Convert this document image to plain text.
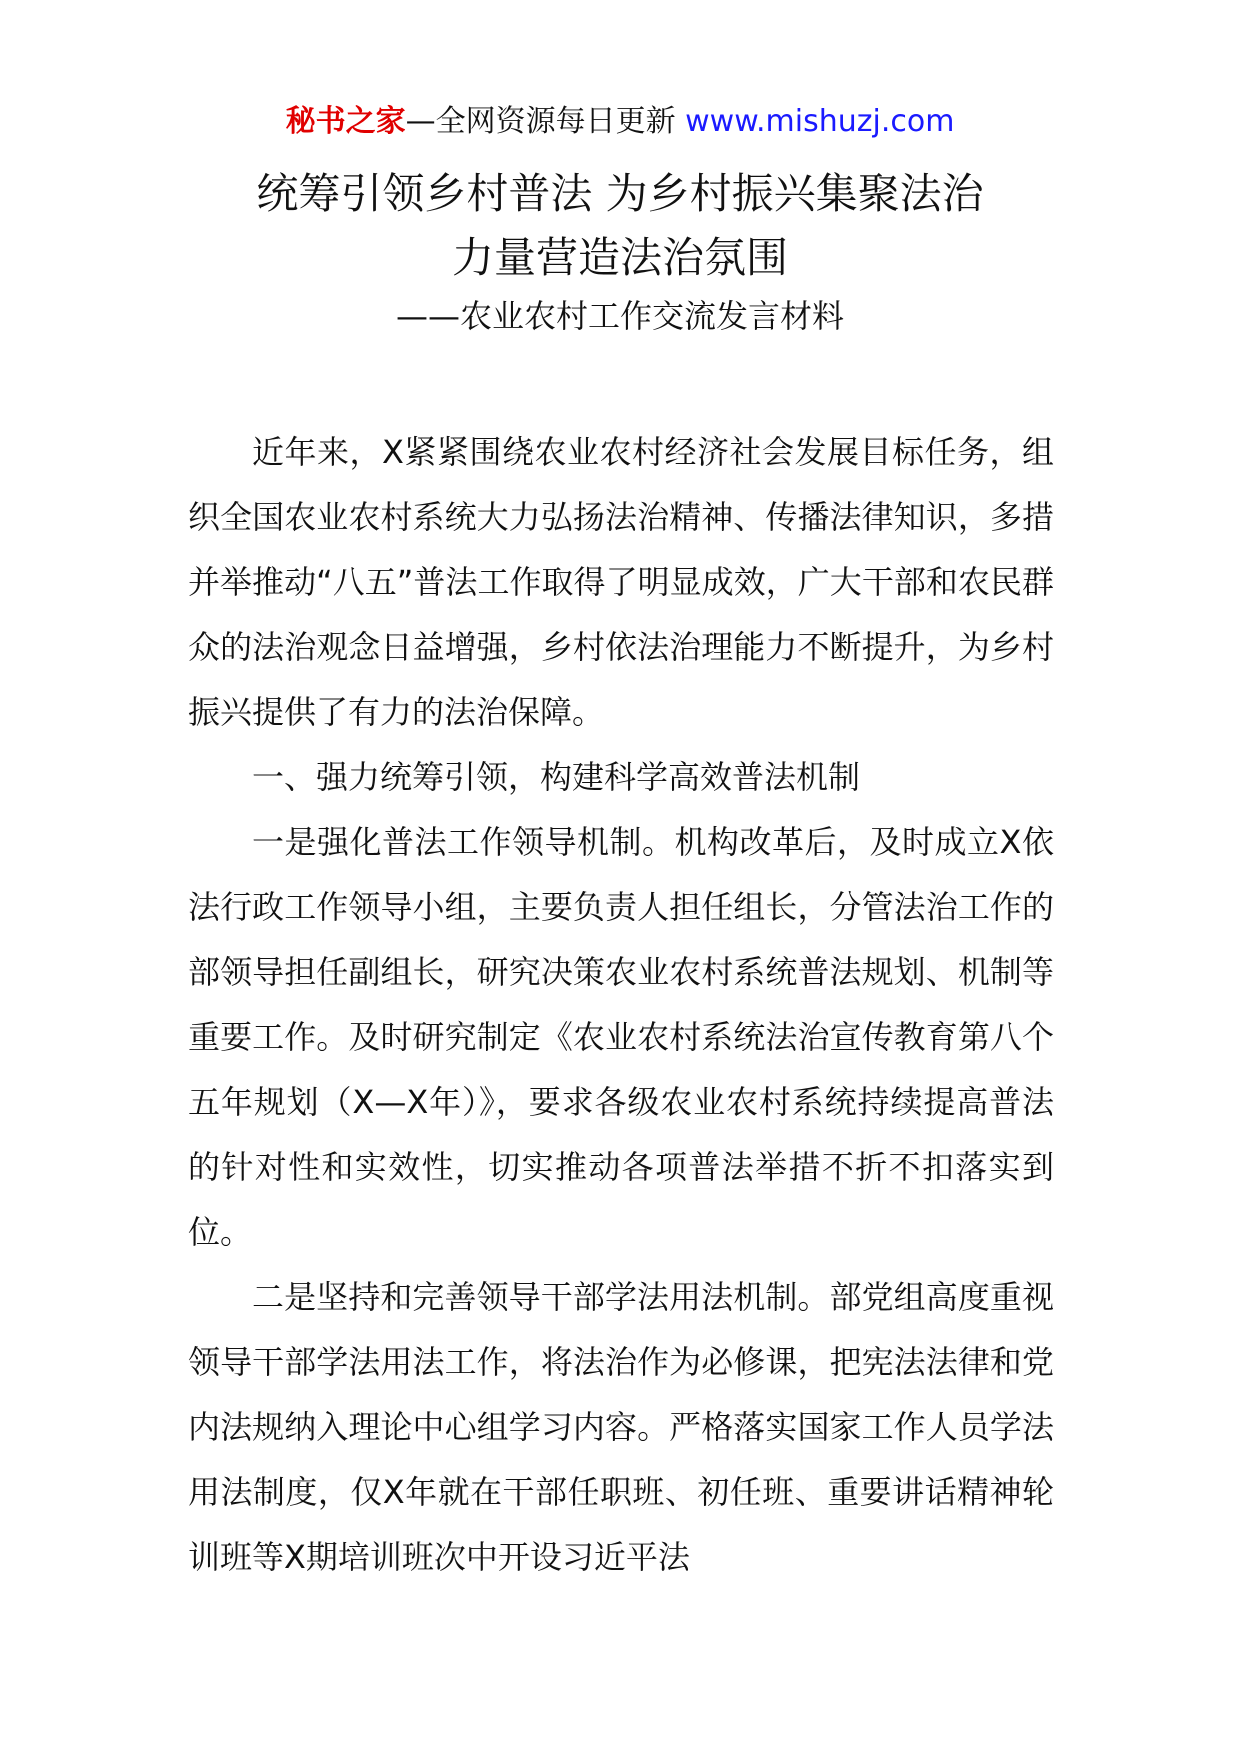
秘书之家—全网资源每日更新 www.mishuzj.com
统筹引领乡村普法 为乡村振兴集聚法治
力量营造法治氛围
——农业农村工作交流发言材料

近年来，X紧紧围绕农业农村经济社会发展目标任务，组织全国农业农村系统大力弘扬法治精神、传播法律知识，多措并举推动“八五”普法工作取得了明显成效，广大干部和农民群众的法治观念日益增强，乡村依法治理能力不断提升，为乡村振兴提供了有力的法治保障。

一、强力统筹引领，构建科学高效普法机制

一是强化普法工作领导机制。机构改革后，及时成立X依法行政工作领导小组，主要负责人担任组长，分管法治工作的部领导担任副组长，研究决策农业农村系统普法规划、机制等重要工作。及时研究制定《农业农村系统法治宣传教育第八个五年规划（X—X年）》，要求各级农业农村系统持续提高普法的针对性和实效性，切实推动各项普法举措不折不扣落实到位。

二是坚持和完善领导干部学法用法机制。部党组高度重视领导干部学法用法工作，将法治作为必修课，把宪法法律和党内法规纳入理论中心组学习内容。严格落实国家工作人员学法用法制度，仅X年就在干部任职班、初任班、重要讲话精神轮训班等X期培训班次中开设习近平法
